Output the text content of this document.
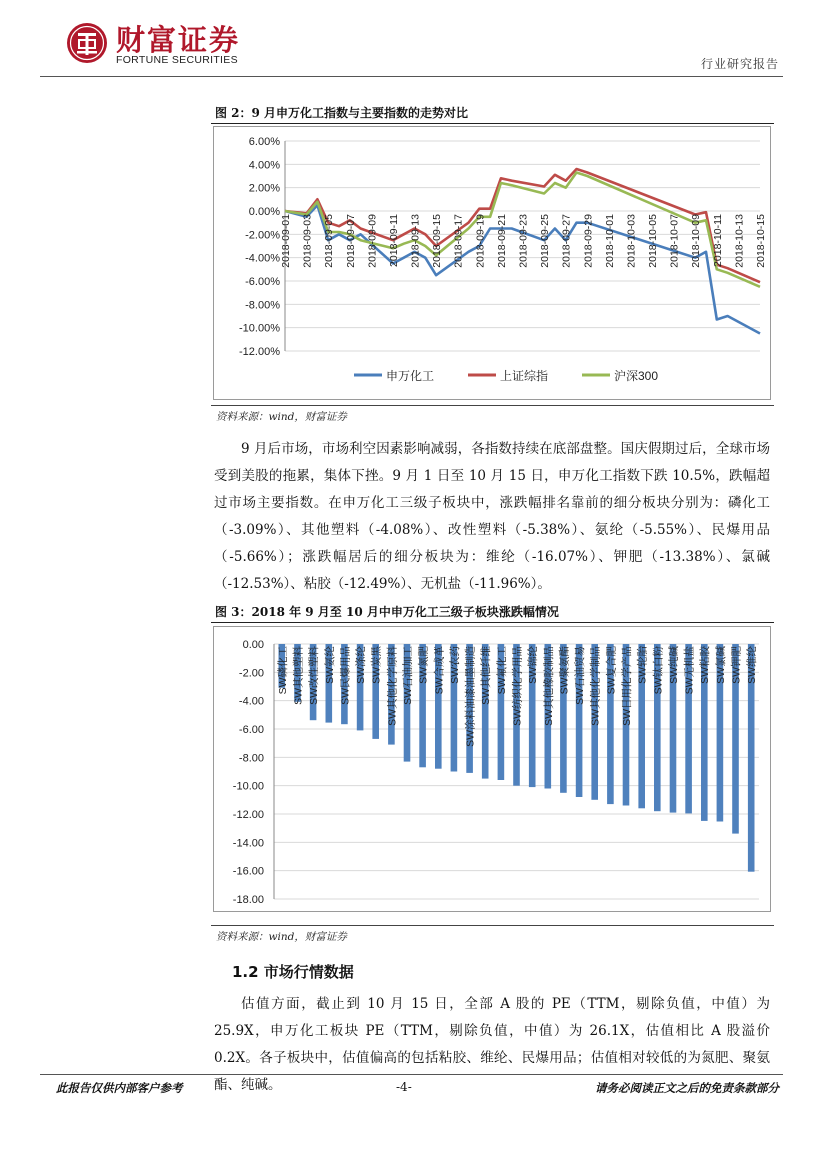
财富证券
FORTUNE SECURITIES	行业研究报告
图 2：9 月申万化工指数与主要指数的走势对比
6.00%
4.00%
2.00%
0.00%
-2.00%
-4.00%
-6.00%
-8.00%
-10.00%
-12.00%
2018-09-01 2018-09-03 2018-09-05 2018-09-07 2018-09-09 2018-09-11 2018-09-13 2018-09-15 2018-09-17 2018-09-19 2018-09-21 2018-09-23 2018-09-25 2018-09-27 2018-09-29 2018-10-01 2018-10-03 2018-10-05 2018-10-07 2018-10-09 2018-10-11 2018-10-13 2018-10-15
申万化工	上证综指	沪深300
资料来源：wind，财富证券

9 月后市场，市场利空因素影响减弱，各指数持续在底部盘整。国庆假期过后，全球市场受到美股的拖累，集体下挫。9 月 1 日至 10 月 15 日，申万化工指数下跌 10.5%，跌幅超过市场主要指数。在申万化工三级子板块中，涨跌幅排名靠前的细分板块分别为：磷化工（-3.09%）、其他塑料（-4.08%）、改性塑料（-5.38%）、氨纶（-5.55%）、民爆用品（-5.66%）；涨跌幅居后的细分板块为：维纶（-16.07%）、钾肥（-13.38%）、氯碱（-12.53%）、粘胶（-12.49%）、无机盐（-11.96%）。

图 3：2018 年 9 月至 10 月中申万化工三级子板块涨跌幅情况
0.00
-2.00
-4.00
-6.00
-8.00
-10.00
-12.00
-14.00
-16.00
-18.00
SW磷化工 SW其他塑料 SW改性塑料 SW氨纶 SW民爆用品 SW涤纶 SW炭黑 SW其他化学原料 SW石油加工 SW氮肥 SW合成革 SW农药 SW涂料油漆油墨制造 SW其他纤维 SW氟化工 SW纺织化学用品 SW锦纶 SW其他橡胶制品 SW聚氨酯 SW石油贸易 SW其他化学制品 SW复合肥 SW日用化学产品 SW轮胎 SW钛白粉 SW纯碱 SW无机盐 SW粘胶 SW氯碱 SW钾肥 SW维纶
资料来源：wind，财富证券
1.2 市场行情数据

估值方面，截止到 10 月 15 日，全部 A 股的 PE（TTM，剔除负值，中值）为 25.9X，申万化工板块 PE（TTM，剔除负值，中值）为 26.1X，估值相比 A 股溢价 0.2X。各子板块中，估值偏高的包括粘胶、维纶、民爆用品；估值相对较低的为氮肥、聚氨酯、纯碱。

此报告仅供内部客户参考	-4-	请务必阅读正文之后的免责条款部分
